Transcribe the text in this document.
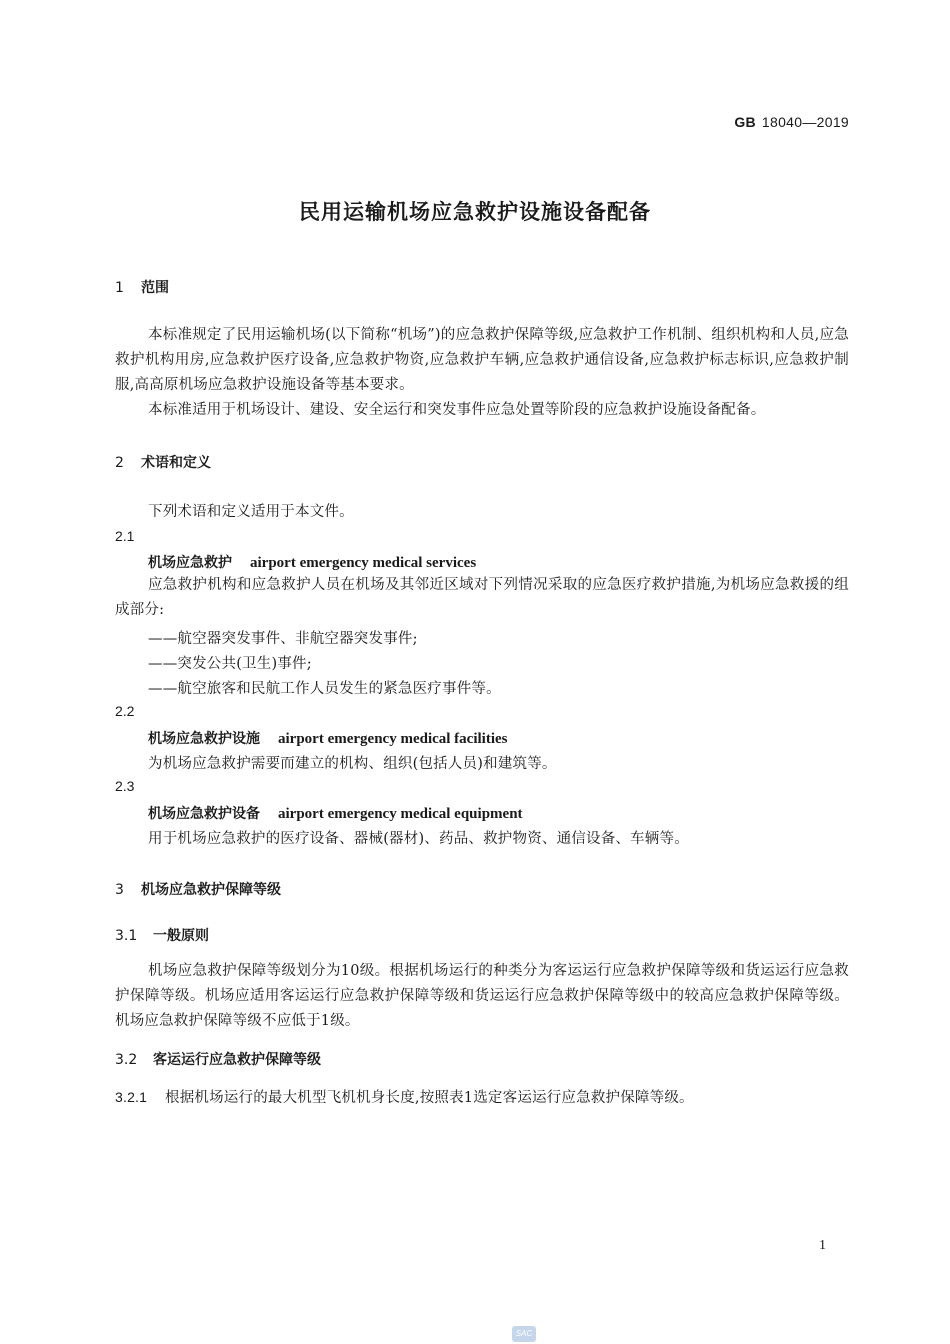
GB 18040—2019
民用运输机场应急救护设施设备配备
1 范围
本标准规定了民用运输机场(以下简称“机场”)的应急救护保障等级,应急救护工作机制、组织机构和人员,应急救护机构用房,应急救护医疗设备,应急救护物资,应急救护车辆,应急救护通信设备,应急救护标志标识,应急救护制服,高高原机场应急救护设施设备等基本要求。
本标准适用于机场设计、建设、安全运行和突发事件应急处置等阶段的应急救护设施设备配备。
2 术语和定义
下列术语和定义适用于本文件。
2.1
机场应急救护 airport emergency medical services
应急救护机构和应急救护人员在机场及其邻近区域对下列情况采取的应急医疗救护措施,为机场应急救援的组成部分:
——航空器突发事件、非航空器突发事件;
——突发公共(卫生)事件;
——航空旅客和民航工作人员发生的紧急医疗事件等。
2.2
机场应急救护设施 airport emergency medical facilities
为机场应急救护需要而建立的机构、组织(包括人员)和建筑等。
2.3
机场应急救护设备 airport emergency medical equipment
用于机场应急救护的医疗设备、器械(器材)、药品、救护物资、通信设备、车辆等。
3 机场应急救护保障等级
3.1 一般原则
机场应急救护保障等级划分为10级。根据机场运行的种类分为客运运行应急救护保障等级和货运运行应急救护保障等级。机场应适用客运运行应急救护保障等级和货运运行应急救护保障等级中的较高应急救护保障等级。机场应急救护保障等级不应低于1级。
3.2 客运运行应急救护保障等级
3.2.1 根据机场运行的最大机型飞机机身长度,按照表1选定客运运行应急救护保障等级。
1
SAC
